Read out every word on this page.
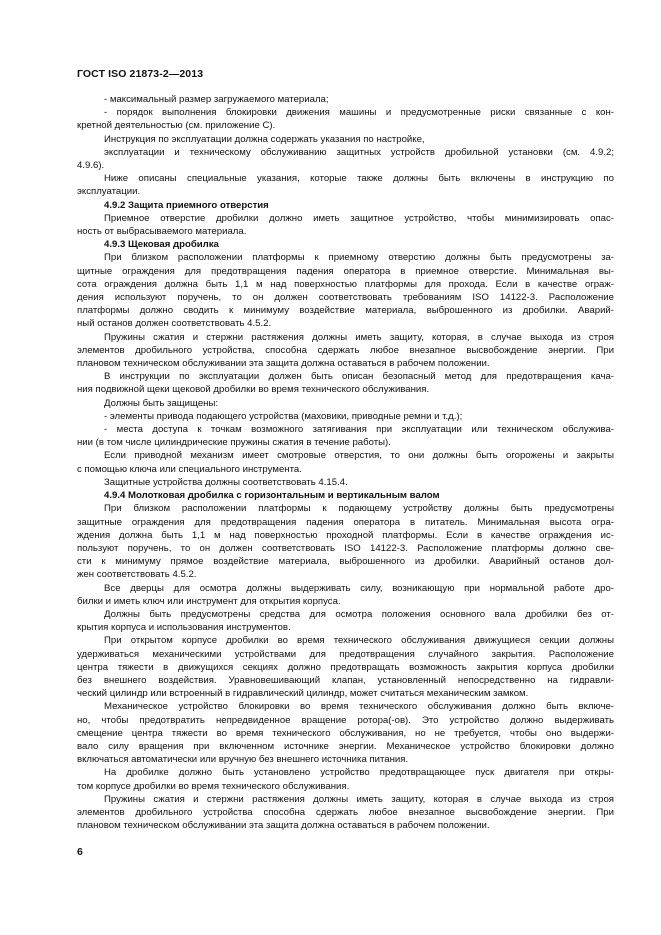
ГОСТ ISO 21873-2—2013
- максимальный размер загружаемого материала;
- порядок выполнения блокировки движения машины и предусмотренные риски связанные с кон-
кретной деятельностью (см. приложение С).
Инструкция по эксплуатации должна содержать указания по настройке,
эксплуатации и техническому обслуживанию защитных устройств дробильной установки (см. 4.9.2;
4.9.6).
Ниже описаны специальные указания, которые также должны быть включены в инструкцию по
эксплуатации.
4.9.2 Защита приемного отверстия
Приемное отверстие дробилки должно иметь защитное устройство, чтобы минимизировать опас-
ность от выбрасываемого материала.
4.9.3 Щековая дробилка
При близком расположении платформы к приемному отверстию должны быть предусмотрены за-
щитные ограждения для предотвращения падения оператора в приемное отверстие. Минимальная вы-
сота ограждения должна быть 1,1 м над поверхностью платформы для прохода. Если в качестве ограж-
дения используют поручень, то он должен соответствовать требованиям ISO 14122-3. Расположение
платформы должно сводить к минимуму воздействие материала, выброшенного из дробилки. Аварий-
ный останов должен соответствовать 4.5.2.
Пружины сжатия и стержни растяжения должны иметь защиту, которая, в случае выхода из строя
элементов дробильного устройства, способна сдержать любое внезапное высвобождение энергии. При
плановом техническом обслуживании эта защита должна оставаться в рабочем положении.
В инструкции по эксплуатации должен быть описан безопасный метод для предотвращения кача-
ния подвижной щеки щековой дробилки во время технического обслуживания.
Должны быть защищены:
- элементы привода подающего устройства (маховики, приводные ремни и т.д.);
- места доступа к точкам возможного затягивания при эксплуатации или техническом обслужива-
нии (в том числе цилиндрические пружины сжатия в течение работы).
Если приводной механизм имеет смотровые отверстия, то они должны быть огорожены и закрыты
с помощью ключа или специального инструмента.
Защитные устройства должны соответствовать 4.15.4.
4.9.4 Молотковая дробилка с горизонтальным и вертикальным валом
При близком расположении платформы к подающему устройству должны быть предусмотрены
защитные ограждения для предотвращения падения оператора в питатель. Минимальная высота огра-
ждения должна быть 1,1 м над поверхностью проходной платформы. Если в качестве ограждения ис-
пользуют поручень, то он должен соответствовать ISO 14122-3. Расположение платформы должно све-
сти к минимуму прямое воздействие материала, выброшенного из дробилки. Аварийный останов дол-
жен соответствовать 4.5.2.
Все дверцы для осмотра должны выдерживать силу, возникающую при нормальной работе дро-
билки и иметь ключ или инструмент для открытия корпуса.
Должны быть предусмотрены средства для осмотра положения основного вала дробилки без от-
крытия корпуса и использования инструментов.
При открытом корпусе дробилки во время технического обслуживания движущиеся секции должны
удерживаться механическими устройствами для предотвращения случайного закрытия. Расположение
центра тяжести в движущихся секциях должно предотвращать возможность закрытия корпуса дробилки
без внешнего воздействия. Уравновешивающий клапан, установленный непосредственно на гидравли-
ческий цилиндр или встроенный в гидравлический цилиндр, может считаться механическим замком.
Механическое устройство блокировки во время технического обслуживания должно быть включе-
но, чтобы предотвратить непредвиденное вращение ротора(-ов). Это устройство должно выдерживать
смещение центра тяжести во время технического обслуживания, но не требуется, чтобы оно выдержи-
вало силу вращения при включенном источнике энергии. Механическое устройство блокировки должно
включаться автоматически или вручную без внешнего источника питания.
На дробилке должно быть установлено устройство предотвращающее пуск двигателя при откры-
том корпусе дробилки во время технического обслуживания.
Пружины сжатия и стержни растяжения должны иметь защиту, которая в случае выхода из строя
элементов дробильного устройства способна сдержать любое внезапное высвобождение энергии. При
плановом техническом обслуживании эта защита должна оставаться в рабочем положении.
6
